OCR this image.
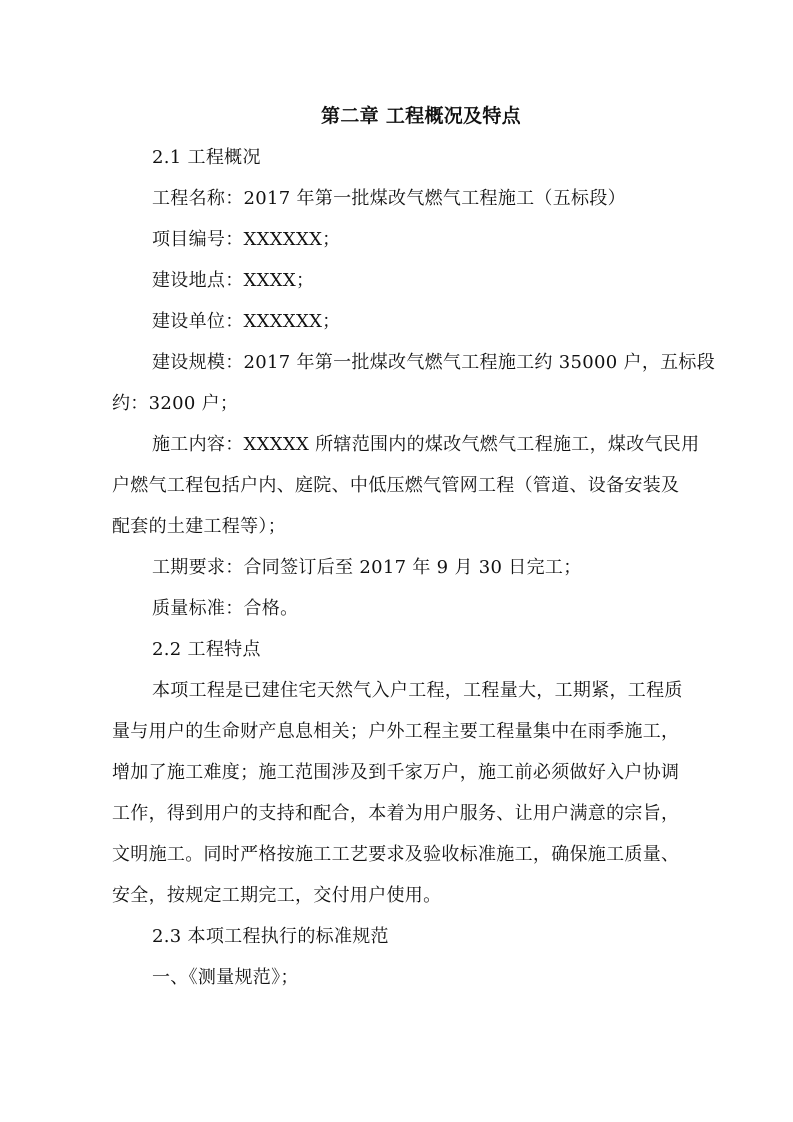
第二章 工程概况及特点
2.1 工程概况
工程名称：2017 年第一批煤改气燃气工程施工（五标段）
项目编号：XXXXXX；
建设地点：XXXX；
建设单位：XXXXXX；
建设规模：2017 年第一批煤改气燃气工程施工约 35000 户，五标段
约：3200 户；
施工内容：XXXXX 所辖范围内的煤改气燃气工程施工，煤改气民用
户燃气工程包括户内、庭院、中低压燃气管网工程（管道、设备安装及
配套的土建工程等）；
工期要求：合同签订后至 2017 年 9 月 30 日完工；
质量标准：合格。
2.2 工程特点
本项工程是已建住宅天然气入户工程，工程量大，工期紧，工程质
量与用户的生命财产息息相关；户外工程主要工程量集中在雨季施工，
增加了施工难度；施工范围涉及到千家万户，施工前必须做好入户协调
工作，得到用户的支持和配合，本着为用户服务、让用户满意的宗旨，
文明施工。同时严格按施工工艺要求及验收标准施工，确保施工质量、
安全，按规定工期完工，交付用户使用。
2.3 本项工程执行的标准规范
一、《测量规范》；
